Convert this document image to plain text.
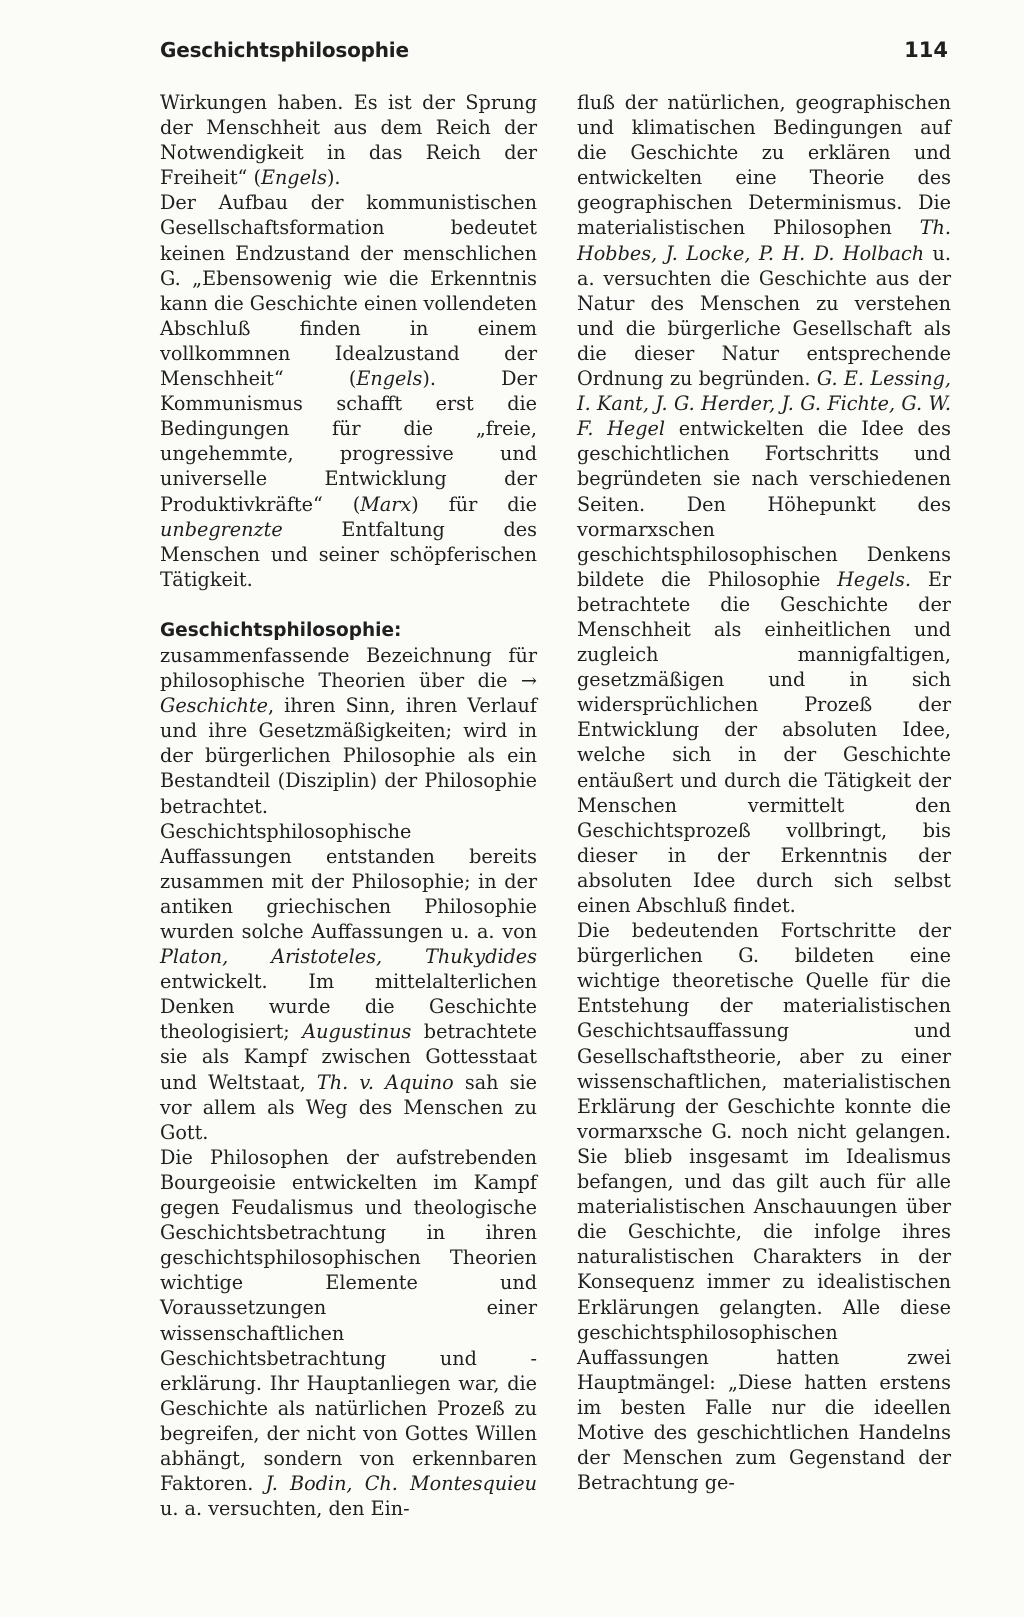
Geschichtsphilosophie	114

Wirkungen haben. Es ist der Sprung der Menschheit aus dem Reich der Notwendigkeit in das Reich der Freiheit“ (Engels).

Der Aufbau der kommunistischen Gesellschaftsformation bedeutet keinen Endzustand der menschlichen G. „Ebensowenig wie die Erkenntnis kann die Geschichte einen vollendeten Abschluß finden in einem vollkommnen Idealzustand der Menschheit“ (Engels). Der Kommunismus schafft erst die Bedingungen für die „freie, ungehemmte, progressive und universelle Entwicklung der Produktivkräfte“ (Marx) für die unbegrenzte Entfaltung des Menschen und seiner schöpferischen Tätigkeit.

Geschichtsphilosophie: zusammenfassende Bezeichnung für philosophische Theorien über die → Geschichte, ihren Sinn, ihren Verlauf und ihre Gesetzmäßigkeiten; wird in der bürgerlichen Philosophie als ein Bestandteil (Disziplin) der Philosophie betrachtet.

Geschichtsphilosophische Auffassungen entstanden bereits zusammen mit der Philosophie; in der antiken griechischen Philosophie wurden solche Auffassungen u. a. von Platon, Aristoteles, Thukydides entwickelt. Im mittelalterlichen Denken wurde die Geschichte theologisiert; Augustinus betrachtete sie als Kampf zwischen Gottesstaat und Weltstaat, Th. v. Aquino sah sie vor allem als Weg des Menschen zu Gott.

Die Philosophen der aufstrebenden Bourgeoisie entwickelten im Kampf gegen Feudalismus und theologische Geschichtsbetrachtung in ihren geschichtsphilosophischen Theorien wichtige Elemente und Voraussetzungen einer wissenschaftlichen Geschichtsbetrachtung und -erklärung. Ihr Hauptanliegen war, die Geschichte als natürlichen Prozeß zu begreifen, der nicht von Gottes Willen abhängt, sondern von erkennbaren Faktoren. J. Bodin, Ch. Montesquieu u. a. versuchten, den Ein-

fluß der natürlichen, geographischen und klimatischen Bedingungen auf die Geschichte zu erklären und entwickelten eine Theorie des geographischen Determinismus. Die materialistischen Philosophen Th. Hobbes, J. Locke, P. H. D. Holbach u. a. versuchten die Geschichte aus der Natur des Menschen zu verstehen und die bürgerliche Gesellschaft als die dieser Natur entsprechende Ordnung zu begründen. G. E. Lessing, I. Kant, J. G. Herder, J. G. Fichte, G. W. F. Hegel entwickelten die Idee des geschichtlichen Fortschritts und begründeten sie nach verschiedenen Seiten. Den Höhepunkt des vormarxschen geschichtsphilosophischen Denkens bildete die Philosophie Hegels. Er betrachtete die Geschichte der Menschheit als einheitlichen und zugleich mannigfaltigen, gesetzmäßigen und in sich widersprüchlichen Prozeß der Entwicklung der absoluten Idee, welche sich in der Geschichte entäußert und durch die Tätigkeit der Menschen vermittelt den Geschichtsprozeß vollbringt, bis dieser in der Erkenntnis der absoluten Idee durch sich selbst einen Abschluß findet.

Die bedeutenden Fortschritte der bürgerlichen G. bildeten eine wichtige theoretische Quelle für die Entstehung der materialistischen Geschichtsauffassung und Gesellschaftstheorie, aber zu einer wissenschaftlichen, materialistischen Erklärung der Geschichte konnte die vormarxsche G. noch nicht gelangen. Sie blieb insgesamt im Idealismus befangen, und das gilt auch für alle materialistischen Anschauungen über die Geschichte, die infolge ihres naturalistischen Charakters in der Konsequenz immer zu idealistischen Erklärungen gelangten. Alle diese geschichtsphilosophischen Auffassungen hatten zwei Hauptmängel: „Diese hatten erstens im besten Falle nur die ideellen Motive des geschichtlichen Handelns der Menschen zum Gegenstand der Betrachtung ge-
